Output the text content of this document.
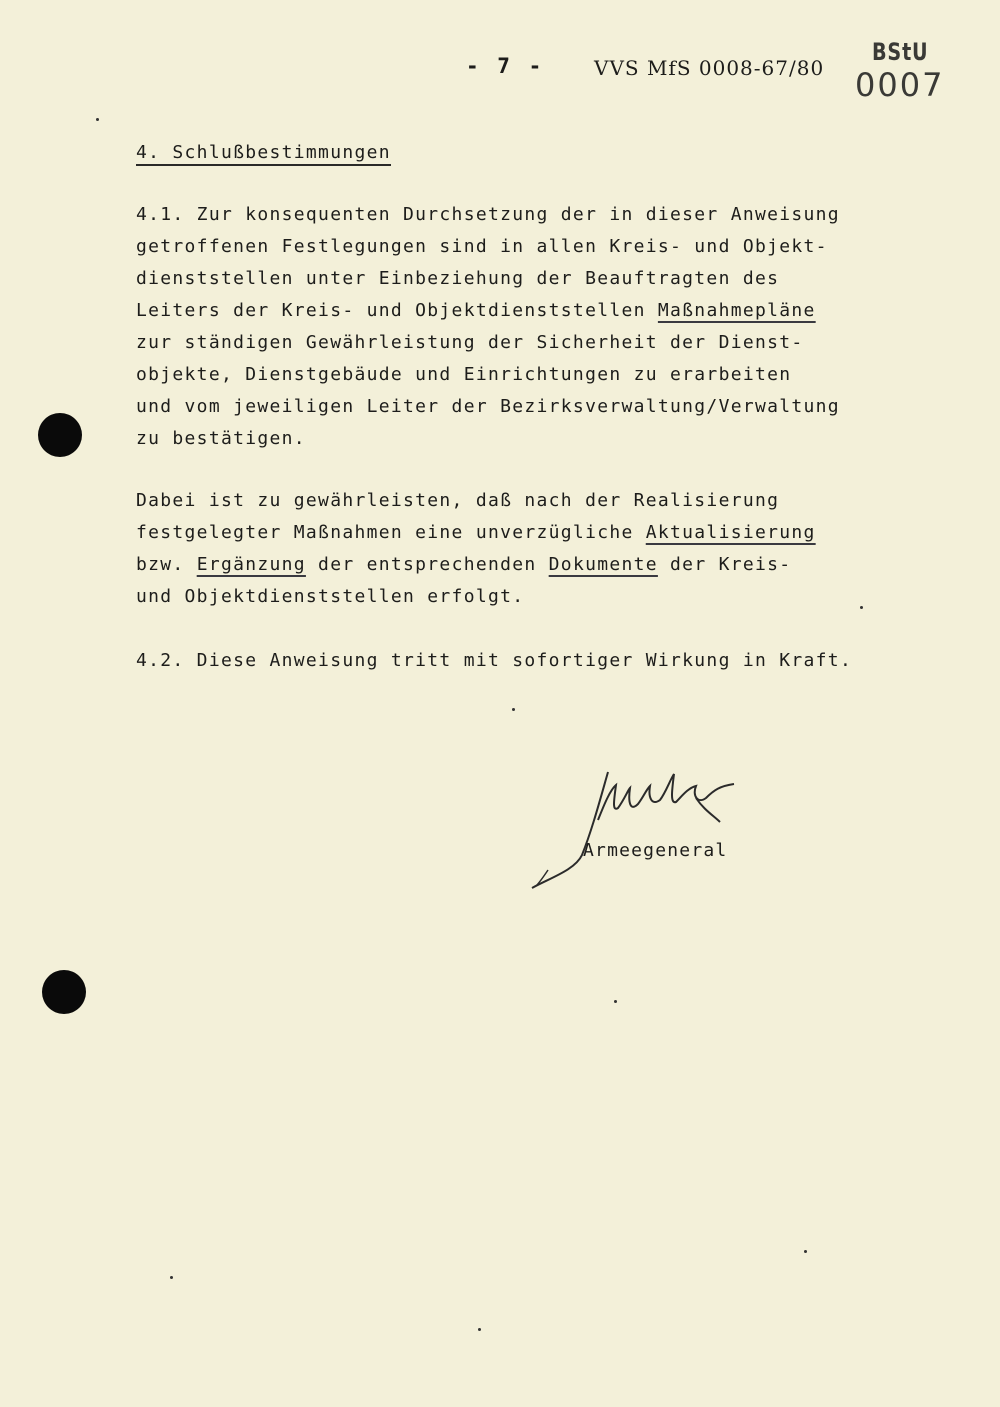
- 7 - VVS MfS 0008-67/80
BStU
0007
4. Schlußbestimmungen
4.1. Zur konsequenten Durchsetzung der in dieser Anweisung
getroffenen Festlegungen sind in allen Kreis- und Objekt-
dienststellen unter Einbeziehung der Beauftragten des
Leiters der Kreis- und Objektdienststellen Maßnahmepläne
zur ständigen Gewährleistung der Sicherheit der Dienst-
objekte, Dienstgebäude und Einrichtungen zu erarbeiten
und vom jeweiligen Leiter der Bezirksverwaltung/Verwaltung
zu bestätigen.
Dabei ist zu gewährleisten, daß nach der Realisierung
festgelegter Maßnahmen eine unverzügliche Aktualisierung
bzw. Ergänzung der entsprechenden Dokumente der Kreis-
und Objektdienststellen erfolgt.
4.2. Diese Anweisung tritt mit sofortiger Wirkung in Kraft.
Armeegeneral
